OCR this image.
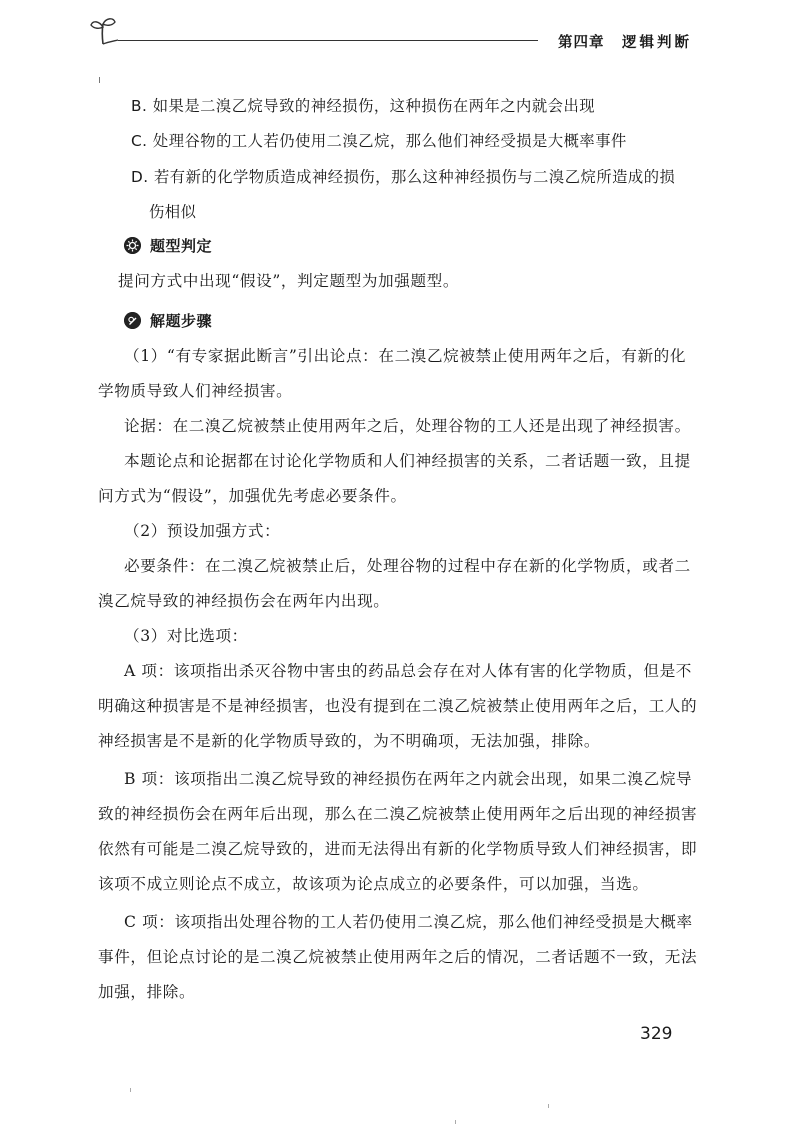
第四章 逻辑判断
B. 如果是二溴乙烷导致的神经损伤，这种损伤在两年之内就会出现
C. 处理谷物的工人若仍使用二溴乙烷，那么他们神经受损是大概率事件
D. 若有新的化学物质造成神经损伤，那么这种神经损伤与二溴乙烷所造成的损
伤相似
题型判定
提问方式中出现“假设”，判定题型为加强题型。
解题步骤
（1）“有专家据此断言”引出论点：在二溴乙烷被禁止使用两年之后，有新的化
学物质导致人们神经损害。
论据：在二溴乙烷被禁止使用两年之后，处理谷物的工人还是出现了神经损害。
本题论点和论据都在讨论化学物质和人们神经损害的关系，二者话题一致，且提
问方式为“假设”，加强优先考虑必要条件。
（2）预设加强方式：
必要条件：在二溴乙烷被禁止后，处理谷物的过程中存在新的化学物质，或者二
溴乙烷导致的神经损伤会在两年内出现。
（3）对比选项：
A 项：该项指出杀灭谷物中害虫的药品总会存在对人体有害的化学物质，但是不
明确这种损害是不是神经损害，也没有提到在二溴乙烷被禁止使用两年之后，工人的
神经损害是不是新的化学物质导致的，为不明确项，无法加强，排除。
B 项：该项指出二溴乙烷导致的神经损伤在两年之内就会出现，如果二溴乙烷导
致的神经损伤会在两年后出现，那么在二溴乙烷被禁止使用两年之后出现的神经损害
依然有可能是二溴乙烷导致的，进而无法得出有新的化学物质导致人们神经损害，即
该项不成立则论点不成立，故该项为论点成立的必要条件，可以加强，当选。
C 项：该项指出处理谷物的工人若仍使用二溴乙烷，那么他们神经受损是大概率
事件，但论点讨论的是二溴乙烷被禁止使用两年之后的情况，二者话题不一致，无法
加强，排除。
329
